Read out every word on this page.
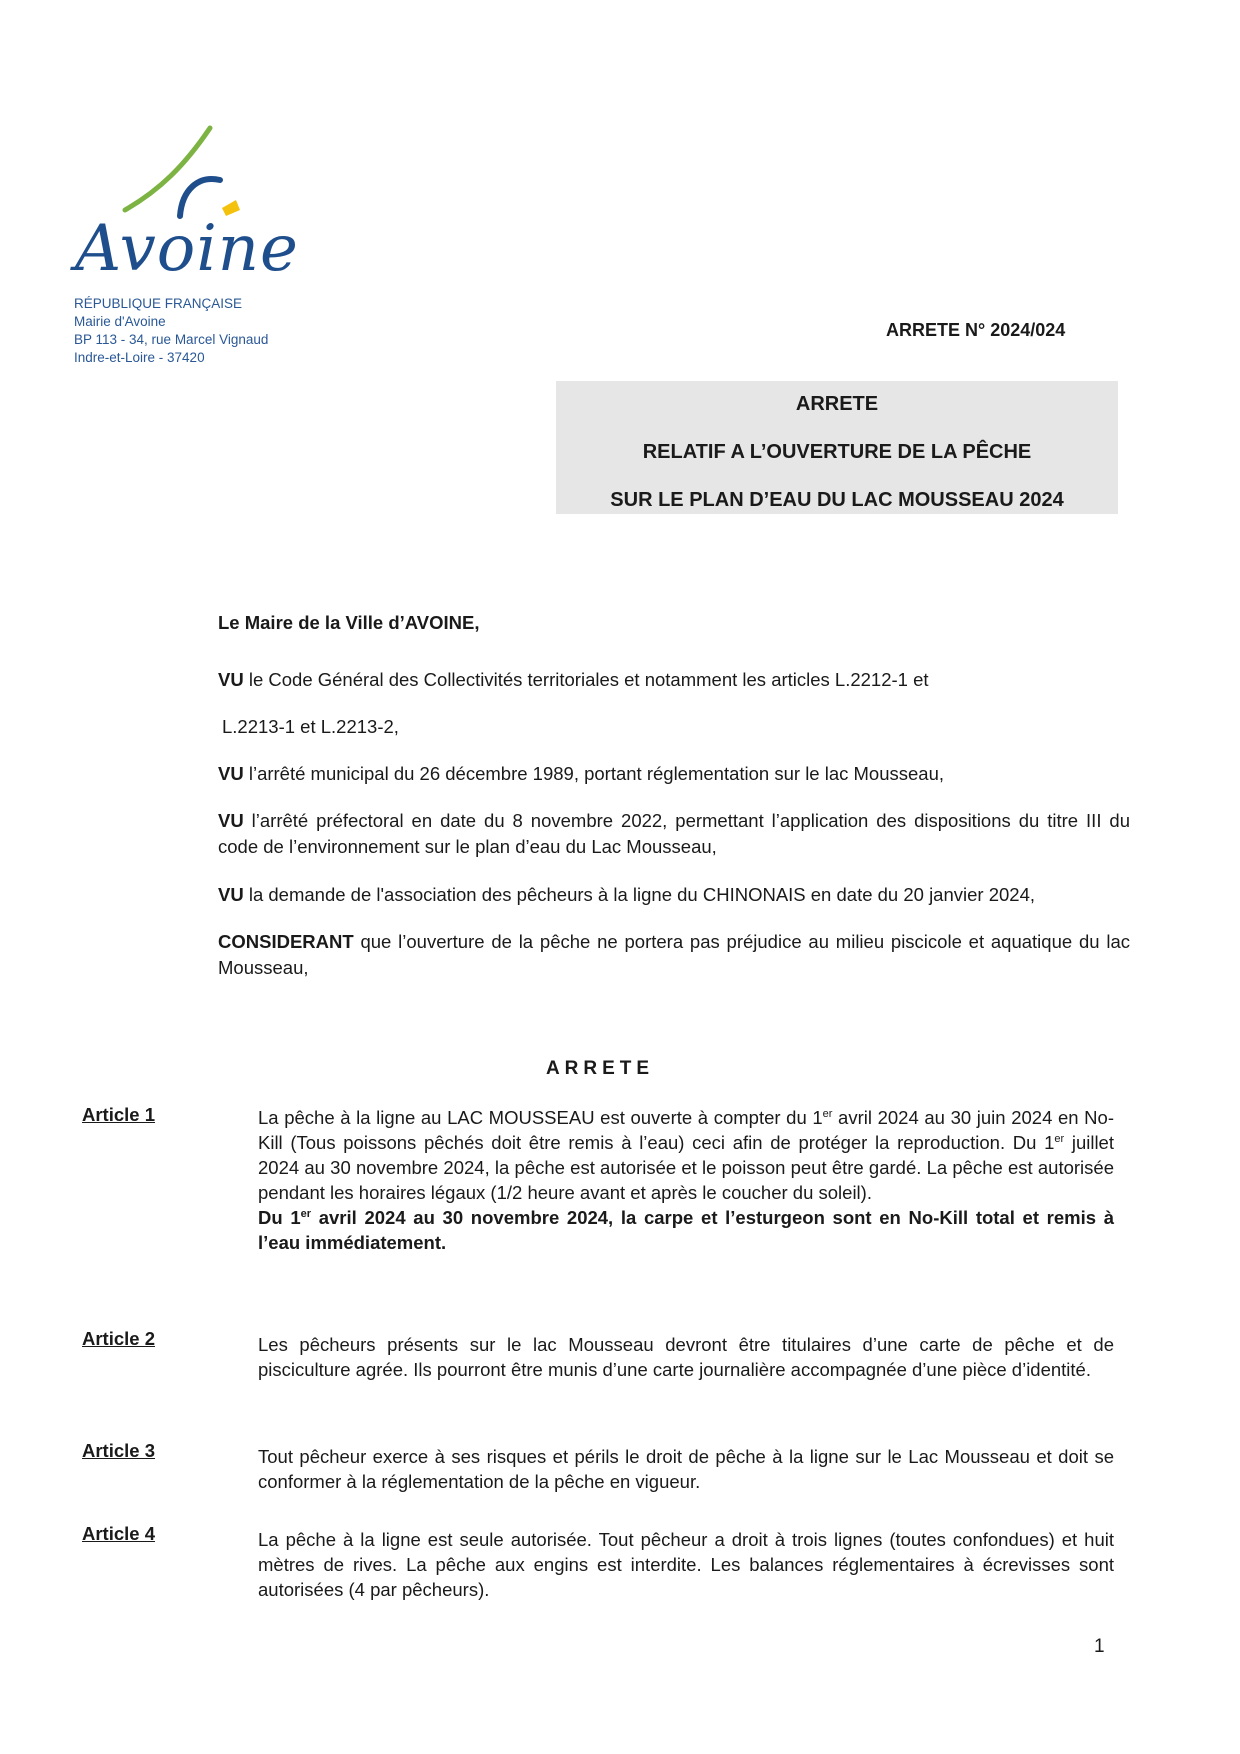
Avoine
RÉPUBLIQUE FRANÇAISE
Mairie d'Avoine
BP 113 - 34, rue Marcel Vignaud
Indre-et-Loire - 37420
ARRETE N° 2024/024
ARRETE
RELATIF A L’OUVERTURE DE LA PÊCHE
SUR LE PLAN D’EAU DU LAC MOUSSEAU 2024
Le Maire de la Ville d’AVOINE,
VU le Code Général des Collectivités territoriales et notamment les articles L.2212-1 et
L.2213-1 et L.2213-2,
VU l’arrêté municipal du 26 décembre 1989, portant réglementation sur le lac Mousseau,
VU l’arrêté préfectoral en date du 8 novembre 2022, permettant l’application des dispositions du titre III du code de l’environnement sur le plan d’eau du Lac Mousseau,
VU la demande de l'association des pêcheurs à la ligne du CHINONAIS en date du 20 janvier 2024,
CONSIDERANT que l’ouverture de la pêche ne portera pas préjudice au milieu piscicole et aquatique du lac Mousseau,
ARRETE
Article 1	La pêche à la ligne au LAC MOUSSEAU est ouverte à compter du 1er avril 2024 au 30 juin 2024 en No-Kill (Tous poissons pêchés doit être remis à l’eau) ceci afin de protéger la reproduction. Du 1er juillet 2024 au 30 novembre 2024, la pêche est autorisée et le poisson peut être gardé. La pêche est autorisée pendant les horaires légaux (1/2 heure avant et après le coucher du soleil).
Du 1er avril 2024 au 30 novembre 2024, la carpe et l’esturgeon sont en No-Kill total et remis à l’eau immédiatement.
Article 2	Les pêcheurs présents sur le lac Mousseau devront être titulaires d’une carte de pêche et de pisciculture agrée. Ils pourront être munis d’une carte journalière accompagnée d’une pièce d’identité.
Article 3	Tout pêcheur exerce à ses risques et périls le droit de pêche à la ligne sur le Lac Mousseau et doit se conformer à la réglementation de la pêche en vigueur.
Article 4	La pêche à la ligne est seule autorisée. Tout pêcheur a droit à trois lignes (toutes confondues) et huit mètres de rives. La pêche aux engins est interdite. Les balances réglementaires à écrevisses sont autorisées (4 par pêcheurs).
1
